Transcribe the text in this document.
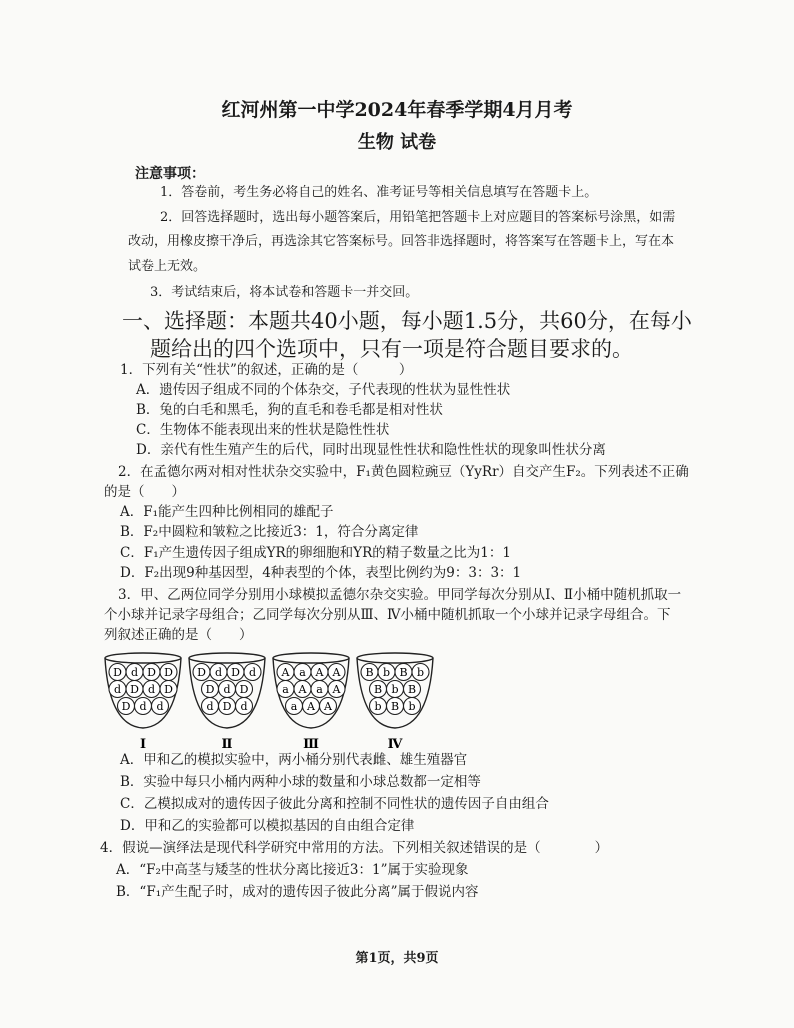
红河州第一中学2024年春季学期4月月考
生物 试卷
注意事项：
1．答卷前，考生务必将自己的姓名、准考证号等相关信息填写在答题卡上。
2．回答选择题时，选出每小题答案后，用铅笔把答题卡上对应题目的答案标号涂黑，如需
改动，用橡皮擦干净后，再选涂其它答案标号。回答非选择题时，将答案写在答题卡上，写在本
试卷上无效。
3．考试结束后，将本试卷和答题卡一并交回。
一、选择题：本题共40小题，每小题1.5分，共60分，在每小
题给出的四个选项中，只有一项是符合题目要求的。
1．下列有关“性状”的叙述，正确的是（　　　）
A．遗传因子组成不同的个体杂交，子代表现的性状为显性性状
B．兔的白毛和黑毛，狗的直毛和卷毛都是相对性状
C．生物体不能表现出来的性状是隐性性状
D．亲代有性生殖产生的后代，同时出现显性性状和隐性性状的现象叫性状分离
2．在孟德尔两对相对性状杂交实验中，F₁黄色圆粒豌豆（YyRr）自交产生F₂。下列表述不正确
的是（　　）
A．F₁能产生四种比例相同的雄配子
B．F₂中圆粒和皱粒之比接近3：1，符合分离定律
C．F₁产生遗传因子组成YR的卵细胞和YR的精子数量之比为1：1
D．F₂出现9种基因型，4种表型的个体，表型比例约为9：3：3：1
3．甲、乙两位同学分别用小球模拟孟德尔杂交实验。甲同学每次分别从Ⅰ、Ⅱ小桶中随机抓取一
个小球并记录字母组合；乙同学每次分别从Ⅲ、Ⅳ小桶中随机抓取一个小球并记录字母组合。下
列叙述正确的是（　　）
D d D D
d D d D
D d d
Ⅰ
D d D d
D d D
d D d
Ⅱ
A a A A
a A a A
a A A
Ⅲ
B b B b
B b B
b B b
Ⅳ
A．甲和乙的模拟实验中，两小桶分别代表雌、雄生殖器官
B．实验中每只小桶内两种小球的数量和小球总数都一定相等
C．乙模拟成对的遗传因子彼此分离和控制不同性状的遗传因子自由组合
D．甲和乙的实验都可以模拟基因的自由组合定律
4．假说—演绎法是现代科学研究中常用的方法。下列相关叙述错误的是（　　　　）
A．“F₂中高茎与矮茎的性状分离比接近3：1”属于实验现象
B．“F₁产生配子时，成对的遗传因子彼此分离”属于假说内容
第1页，共9页
